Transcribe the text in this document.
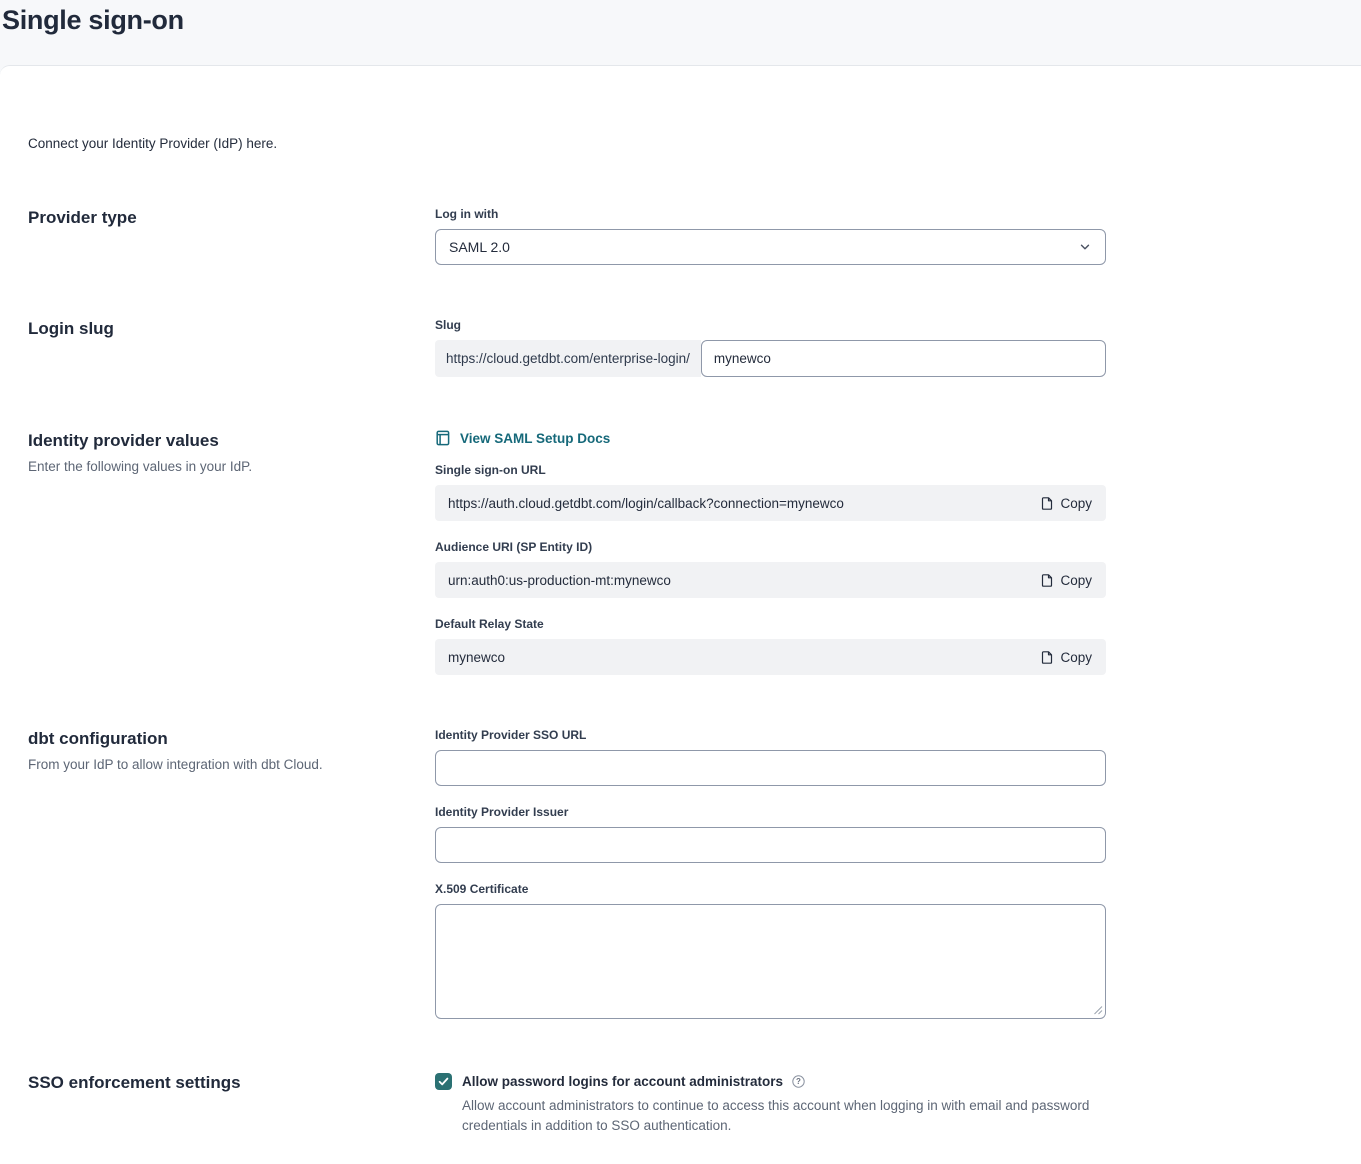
Single sign-on
Connect your Identity Provider (IdP) here.
Provider type	Log in with
SAML 2.0
Login slug	Slug
https://cloud.getdbt.com/enterprise-login/
mynewco
Identity provider values
Enter the following values in your IdP.
View SAML Setup Docs
Single sign-on URL
https://auth.cloud.getdbt.com/login/callback?connection=mynewco	Copy
Audience URI (SP Entity ID)
urn:auth0:us-production-mt:mynewco	Copy
Default Relay State
mynewco	Copy
dbt configuration
From your IdP to allow integration with dbt Cloud.
Identity Provider SSO URL
Identity Provider Issuer
X.509 Certificate
SSO enforcement settings	Allow password logins for account administrators ?
Allow account administrators to continue to access this account when logging in with email and password credentials in addition to SSO authentication.
